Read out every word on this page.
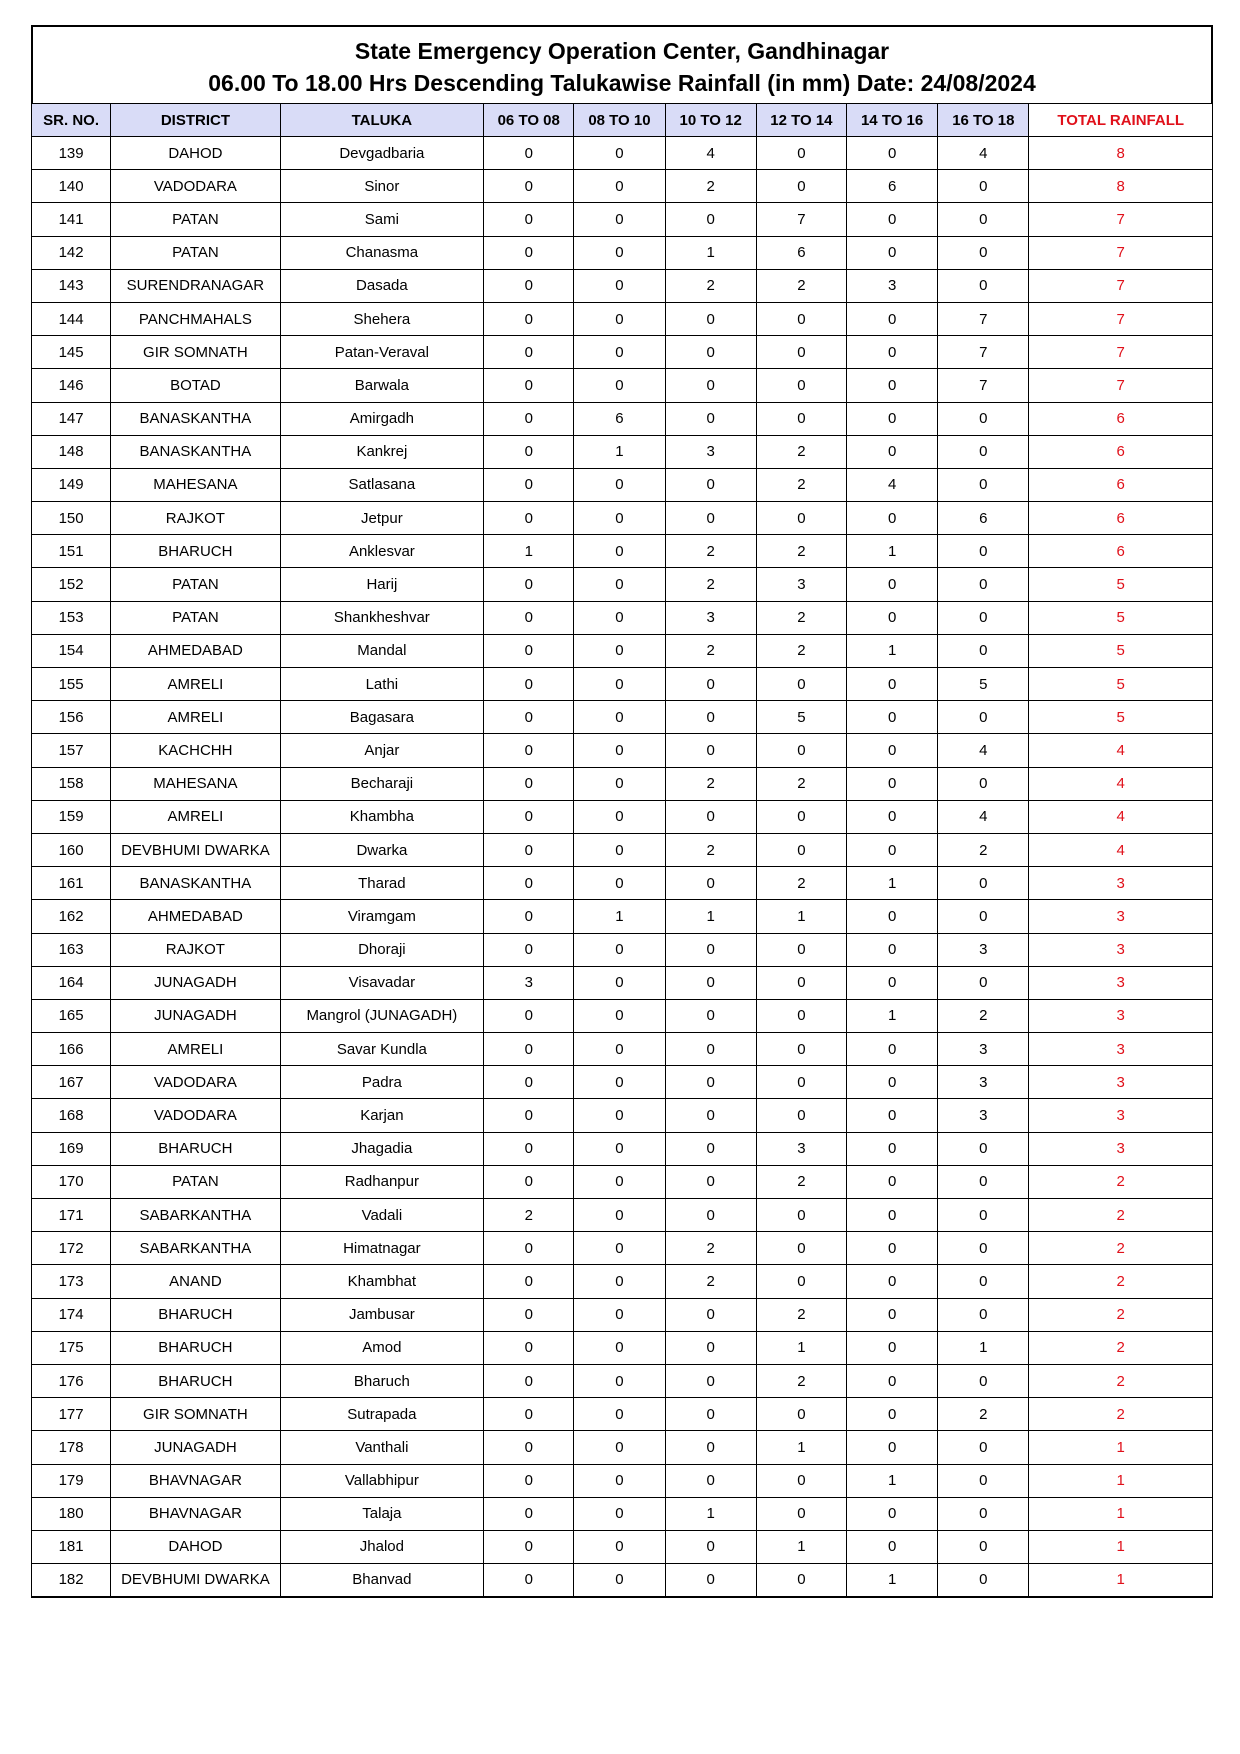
State Emergency Operation Center, Gandhinagar
06.00 To 18.00 Hrs Descending Talukawise Rainfall (in mm) Date: 24/08/2024
SR. NO.	DISTRICT	TALUKA	06 TO 08	08 TO 10	10 TO 12	12 TO 14	14 TO 16	16 TO 18	TOTAL RAINFALL
139	DAHOD	Devgadbaria	0	0	4	0	0	4	8
140	VADODARA	Sinor	0	0	2	0	6	0	8
141	PATAN	Sami	0	0	0	7	0	0	7
142	PATAN	Chanasma	0	0	1	6	0	0	7
143	SURENDRANAGAR	Dasada	0	0	2	2	3	0	7
144	PANCHMAHALS	Shehera	0	0	0	0	0	7	7
145	GIR SOMNATH	Patan-Veraval	0	0	0	0	0	7	7
146	BOTAD	Barwala	0	0	0	0	0	7	7
147	BANASKANTHA	Amirgadh	0	6	0	0	0	0	6
148	BANASKANTHA	Kankrej	0	1	3	2	0	0	6
149	MAHESANA	Satlasana	0	0	0	2	4	0	6
150	RAJKOT	Jetpur	0	0	0	0	0	6	6
151	BHARUCH	Anklesvar	1	0	2	2	1	0	6
152	PATAN	Harij	0	0	2	3	0	0	5
153	PATAN	Shankheshvar	0	0	3	2	0	0	5
154	AHMEDABAD	Mandal	0	0	2	2	1	0	5
155	AMRELI	Lathi	0	0	0	0	0	5	5
156	AMRELI	Bagasara	0	0	0	5	0	0	5
157	KACHCHH	Anjar	0	0	0	0	0	4	4
158	MAHESANA	Becharaji	0	0	2	2	0	0	4
159	AMRELI	Khambha	0	0	0	0	0	4	4
160	DEVBHUMI DWARKA	Dwarka	0	0	2	0	0	2	4
161	BANASKANTHA	Tharad	0	0	0	2	1	0	3
162	AHMEDABAD	Viramgam	0	1	1	1	0	0	3
163	RAJKOT	Dhoraji	0	0	0	0	0	3	3
164	JUNAGADH	Visavadar	3	0	0	0	0	0	3
165	JUNAGADH	Mangrol (JUNAGADH)	0	0	0	0	1	2	3
166	AMRELI	Savar Kundla	0	0	0	0	0	3	3
167	VADODARA	Padra	0	0	0	0	0	3	3
168	VADODARA	Karjan	0	0	0	0	0	3	3
169	BHARUCH	Jhagadia	0	0	0	3	0	0	3
170	PATAN	Radhanpur	0	0	0	2	0	0	2
171	SABARKANTHA	Vadali	2	0	0	0	0	0	2
172	SABARKANTHA	Himatnagar	0	0	2	0	0	0	2
173	ANAND	Khambhat	0	0	2	0	0	0	2
174	BHARUCH	Jambusar	0	0	0	2	0	0	2
175	BHARUCH	Amod	0	0	0	1	0	1	2
176	BHARUCH	Bharuch	0	0	0	2	0	0	2
177	GIR SOMNATH	Sutrapada	0	0	0	0	0	2	2
178	JUNAGADH	Vanthali	0	0	0	1	0	0	1
179	BHAVNAGAR	Vallabhipur	0	0	0	0	1	0	1
180	BHAVNAGAR	Talaja	0	0	1	0	0	0	1
181	DAHOD	Jhalod	0	0	0	1	0	0	1
182	DEVBHUMI DWARKA	Bhanvad	0	0	0	0	1	0	1
